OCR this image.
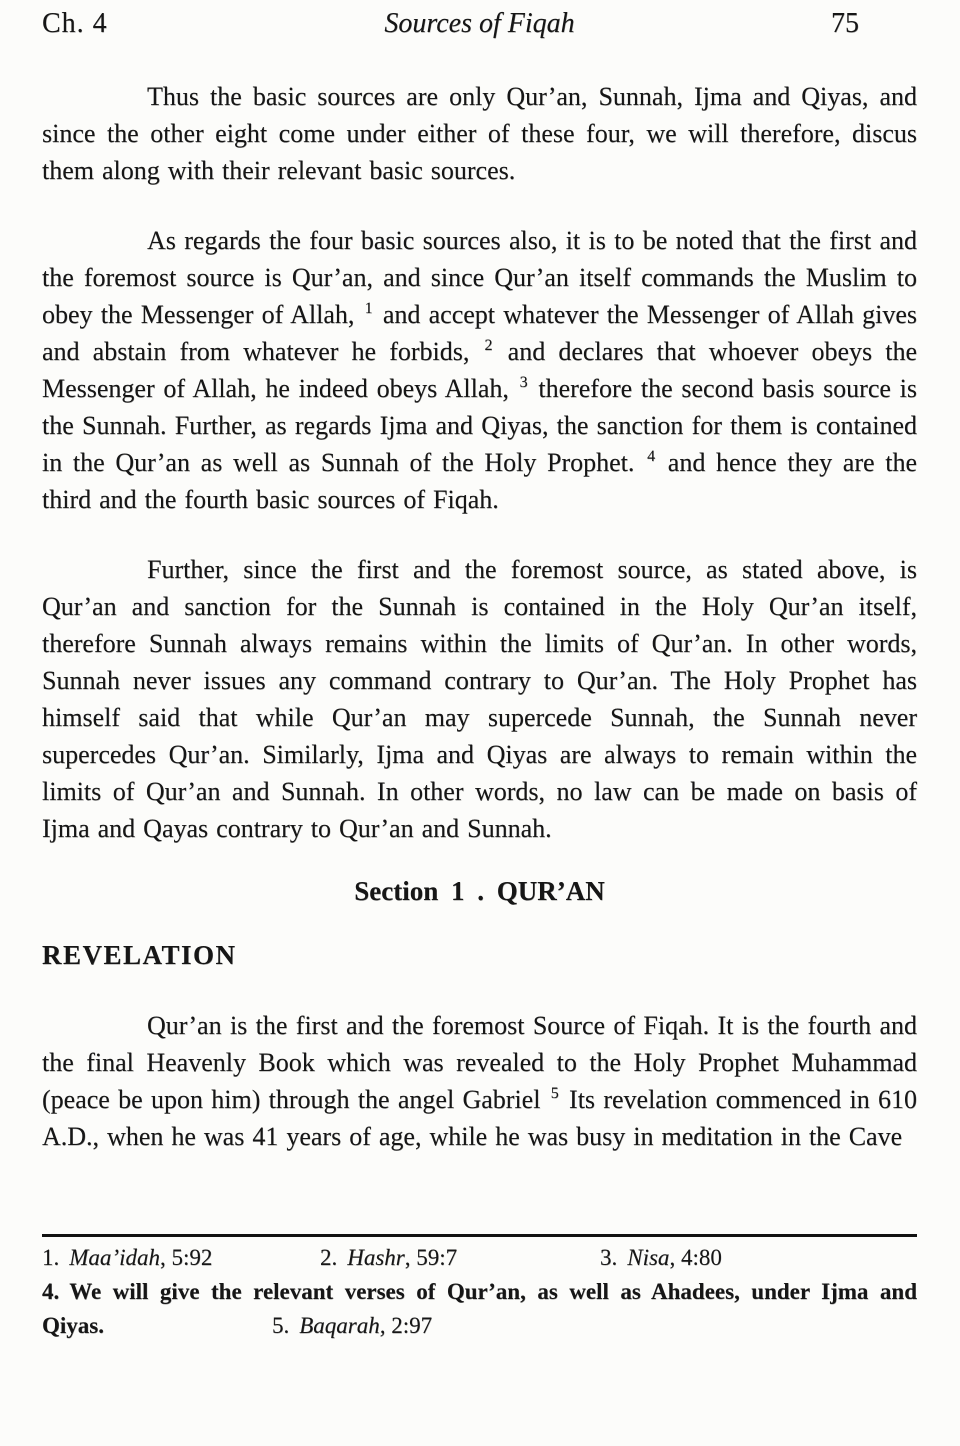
Ch. 4	Sources of Fiqah	75

Thus the basic sources are only Qur’an, Sunnah, Ijma and Qiyas, and since the other eight come under either of these four, we will therefore, discus them along with their relevant basic sources.

As regards the four basic sources also, it is to be noted that the first and the foremost source is Qur’an, and since Qur’an itself commands the Muslim to obey the Messenger of Allah, $^1$ and accept whatever the Messenger of Allah gives and abstain from whatever he forbids, $^2$ and declares that whoever obeys the Messenger of Allah, he indeed obeys Allah, $^3$ therefore the second basis source is the Sunnah. Further, as regards Ijma and Qiyas, the sanction for them is contained in the Qur’an as well as Sunnah of the Holy Prophet. $^4$ and hence they are the third and the fourth basic sources of Fiqah.

Further, since the first and the foremost source, as stated above, is Qur’an and sanction for the Sunnah is contained in the Holy Qur’an itself, therefore Sunnah always remains within the limits of Qur’an. In other words, Sunnah never issues any command contrary to Qur’an. The Holy Prophet has himself said that while Qur’an may supercede Sunnah, the Sunnah never supercedes Qur’an. Similarly, Ijma and Qiyas are always to remain within the limits of Qur’an and Sunnah. In other words, no law can be made on basis of Ijma and Qayas contrary to Qur’an and Sunnah.

Section 1 . QUR’AN
REVELATION

Qur’an is the first and the foremost Source of Fiqah. It is the fourth and the final Heavenly Book which was revealed to the Holy Prophet Muhammad (peace be upon him) through the angel Gabriel $^5$ Its revelation commenced in 610 A.D., when he was 41 years of age, while he was busy in meditation in the Cave

1. Maa’idah, 5:92	2. Hashr, 59:7	3. Nisa, 4:80
4. We will give the relevant verses of Qur’an, as well as Ahadees, under Ijma and
Qiyas.	5. Baqarah, 2:97
